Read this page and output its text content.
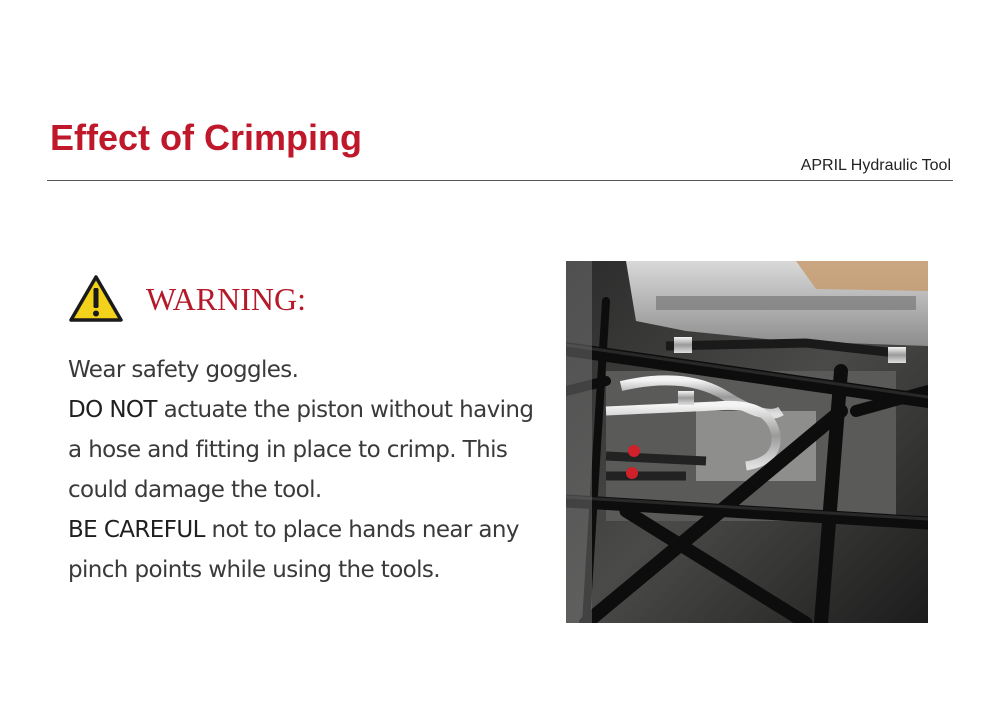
Effect of Crimping
APRIL Hydraulic Tool
WARNING:

Wear safety goggles.

DO NOT actuate the piston without having a hose and fitting in place to crimp. This could damage the tool.

BE CAREFUL not to place hands near any pinch points while using the tools.
